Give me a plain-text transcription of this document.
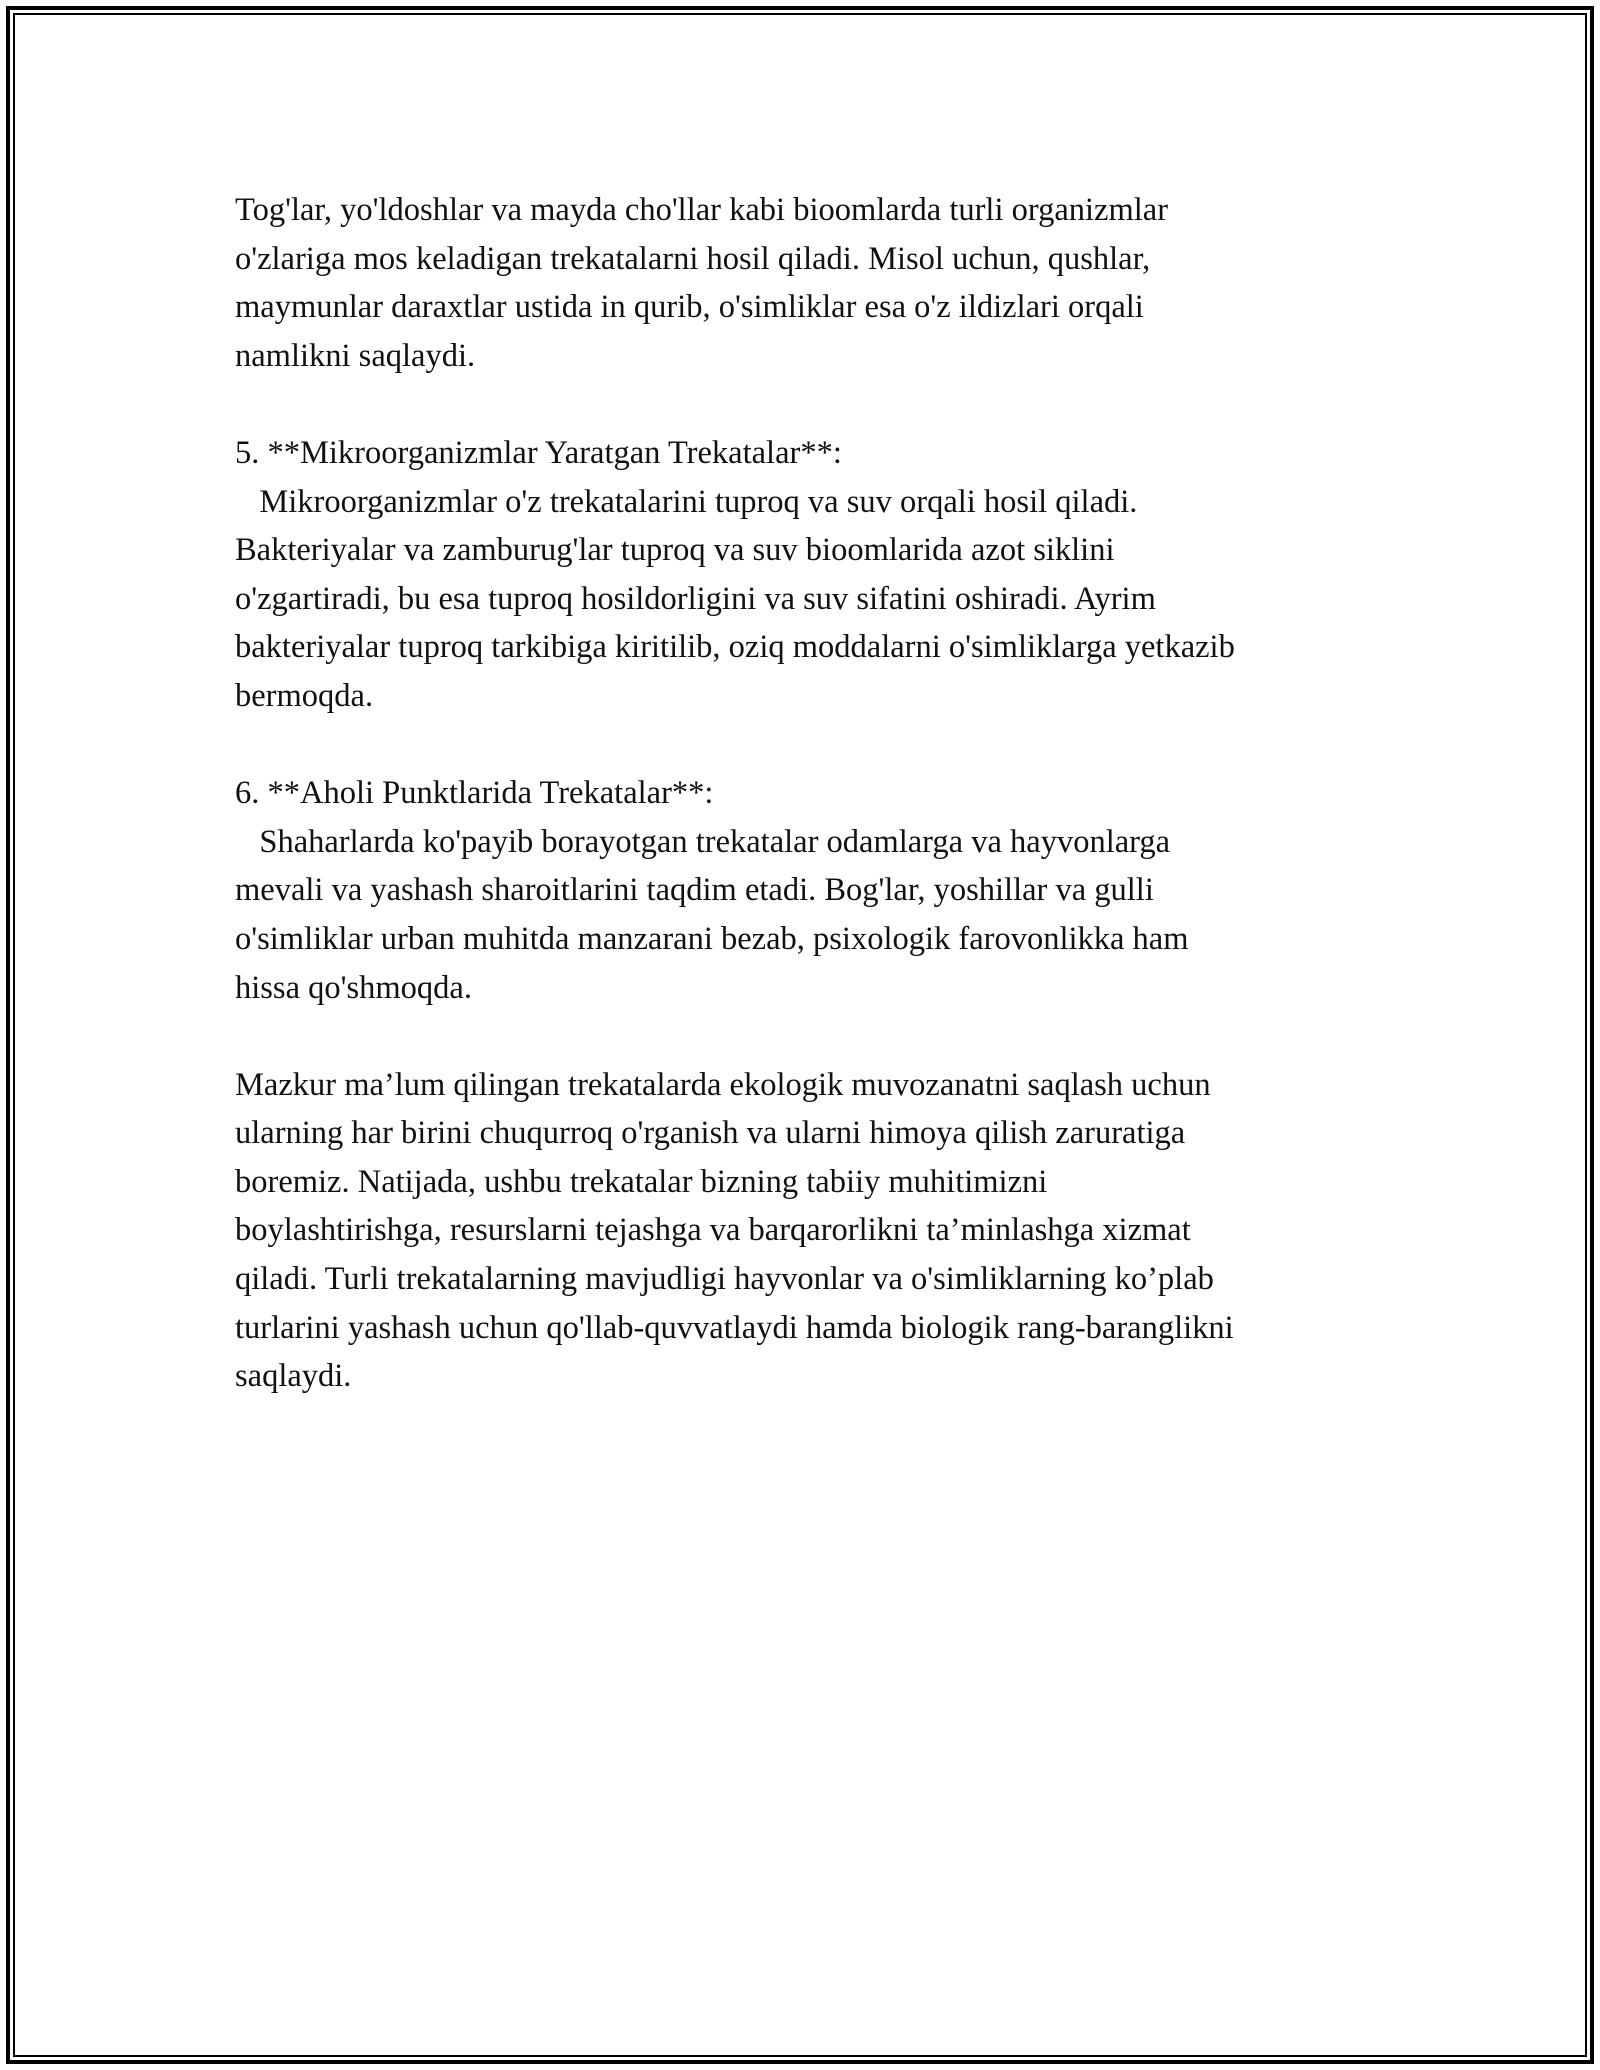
Tog'lar, yo'ldoshlar va mayda cho'llar kabi bioomlarda turli organizmlar
o'zlariga mos keladigan trekatalarni hosil qiladi. Misol uchun, qushlar,
maymunlar daraxtlar ustida in qurib, o'simliklar esa o'z ildizlari orqali
namlikni saqlaydi.
5. **Mikroorganizmlar Yaratgan Trekatalar**:
Mikroorganizmlar o'z trekatalarini tuproq va suv orqali hosil qiladi.
Bakteriyalar va zamburug'lar tuproq va suv bioomlarida azot siklini
o'zgartiradi, bu esa tuproq hosildorligini va suv sifatini oshiradi. Ayrim
bakteriyalar tuproq tarkibiga kiritilib, oziq moddalarni o'simliklarga yetkazib
bermoqda.
6. **Aholi Punktlarida Trekatalar**:
Shaharlarda ko'payib borayotgan trekatalar odamlarga va hayvonlarga
mevali va yashash sharoitlarini taqdim etadi. Bog'lar, yoshillar va gulli
o'simliklar urban muhitda manzarani bezab, psixologik farovonlikka ham
hissa qo'shmoqda.
Mazkur ma’lum qilingan trekatalarda ekologik muvozanatni saqlash uchun
ularning har birini chuqurroq o'rganish va ularni himoya qilish zaruratiga
boremiz. Natijada, ushbu trekatalar bizning tabiiy muhitimizni
boylashtirishga, resurslarni tejashga va barqarorlikni ta’minlashga xizmat
qiladi. Turli trekatalarning mavjudligi hayvonlar va o'simliklarning ko’plab
turlarini yashash uchun qo'llab-quvvatlaydi hamda biologik rang-baranglikni
saqlaydi.
